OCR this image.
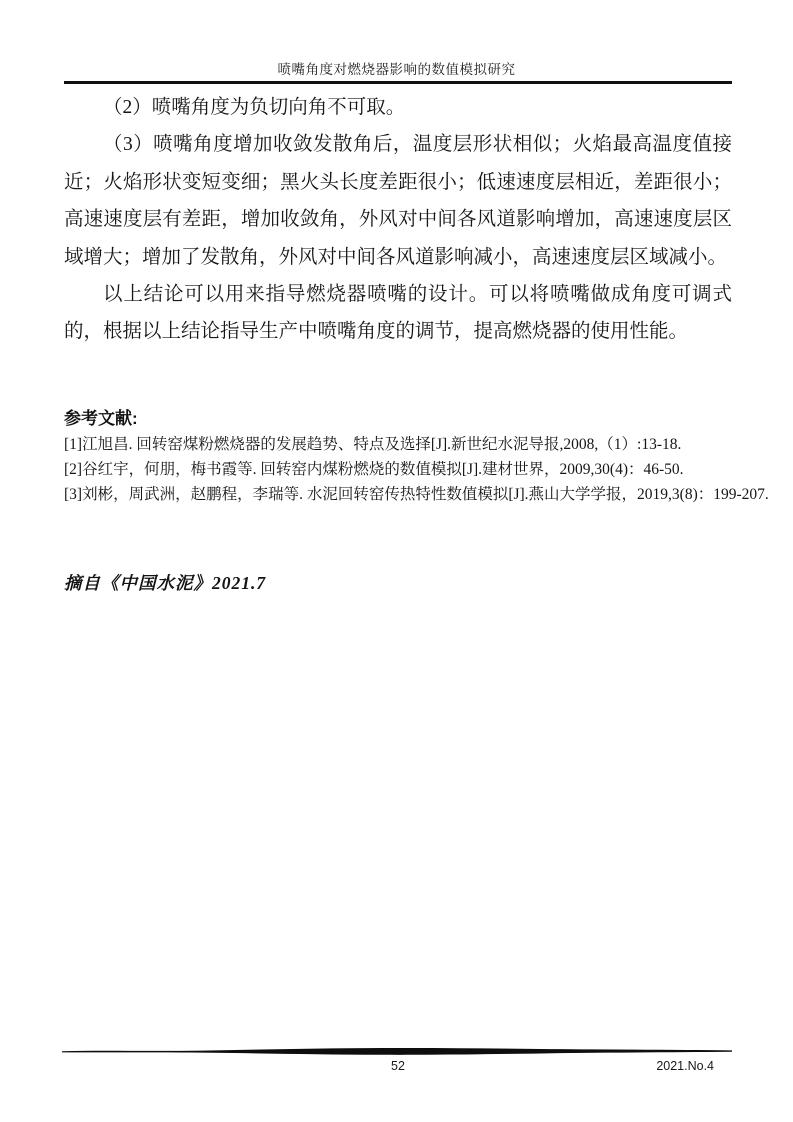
喷嘴角度对燃烧器影响的数值模拟研究

（2）喷嘴角度为负切向角不可取。

（3）喷嘴角度增加收敛发散角后，温度层形状相似；火焰最高温度值接近；火焰形状变短变细；黑火头长度差距很小；低速速度层相近，差距很小；高速速度层有差距，增加收敛角，外风对中间各风道影响增加，高速速度层区域增大；增加了发散角，外风对中间各风道影响减小，高速速度层区域减小。

以上结论可以用来指导燃烧器喷嘴的设计。可以将喷嘴做成角度可调式的，根据以上结论指导生产中喷嘴角度的调节，提高燃烧器的使用性能。

参考文献:
[1]江旭昌. 回转窑煤粉燃烧器的发展趋势、特点及选择[J].新世纪水泥导报,2008,（1）:13-18.
[2]谷红宇，何朋，梅书霞等. 回转窑内煤粉燃烧的数值模拟[J].建材世界，2009,30(4)：46-50.
[3]刘彬，周武洲，赵鹏程，李瑞等. 水泥回转窑传热特性数值模拟[J].燕山大学学报，2019,3(8)：199-207.
摘自《中国水泥》2021.7
52	2021.No.4
